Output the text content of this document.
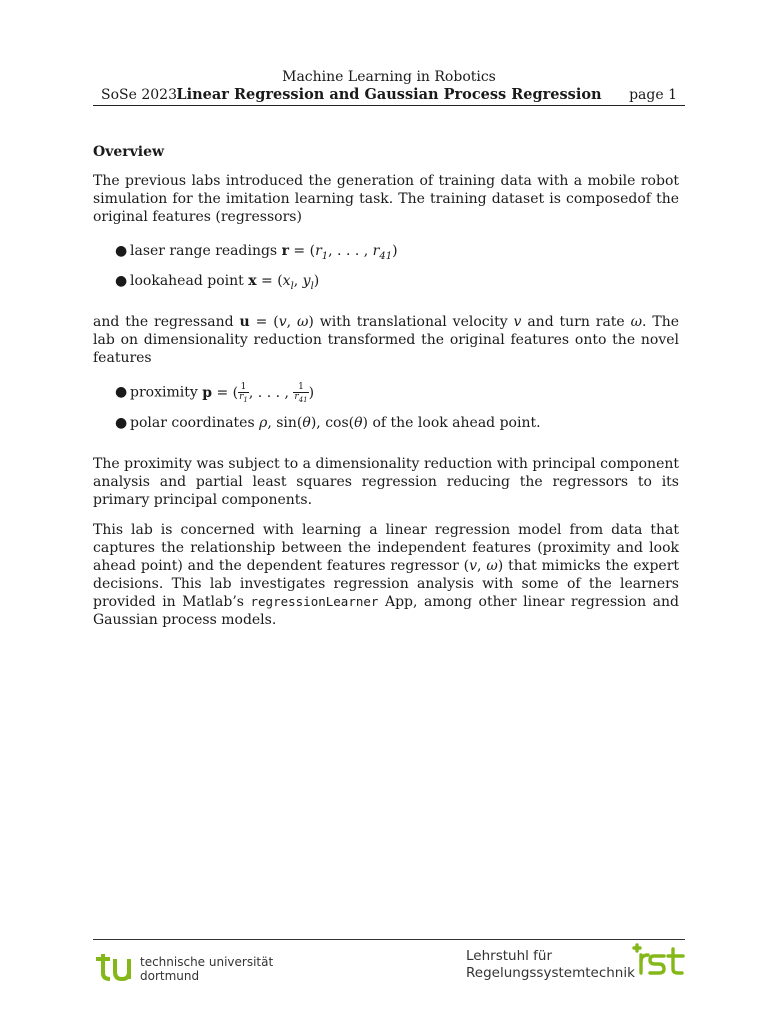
Machine Learning in Robotics
SoSe 2023 Linear Regression and Gaussian Process Regression	page 1
Overview

The previous labs introduced the generation of training data with a mobile robot simulation for the imitation learning task. The training dataset is composedof the original features (regressors)

● laser range readings $r = (r_1$, . . . , $r_{41}$)
● lookahead point $x = (x_l$, $y_l$)

and the regressand u = (v, ω) with translational velocity v and turn rate ω. The lab on dimensionality reduction transformed the original features onto the novel features

● proximity p = ( $\frac{1}{r_1}$ , . . . , $\frac{1}{r_{41}}$ )
● polar coordinates ρ, sin(θ), cos(θ) of the look ahead point.

The proximity was subject to a dimensionality reduction with principal component analysis and partial least squares regression reducing the regressors to its primary principal components.

This lab is concerned with learning a linear regression model from data that captures the relationship between the independent features (proximity and look ahead point) and the dependent features regressor (v, ω) that mimicks the expert decisions. This lab investigates regression analysis with some of the learners provided in Matlab’s regressionLearner App, among other linear regression and Gaussian process models.

technische universität
dortmund
Lehrstuhl für
Regelungssystemtechnik
